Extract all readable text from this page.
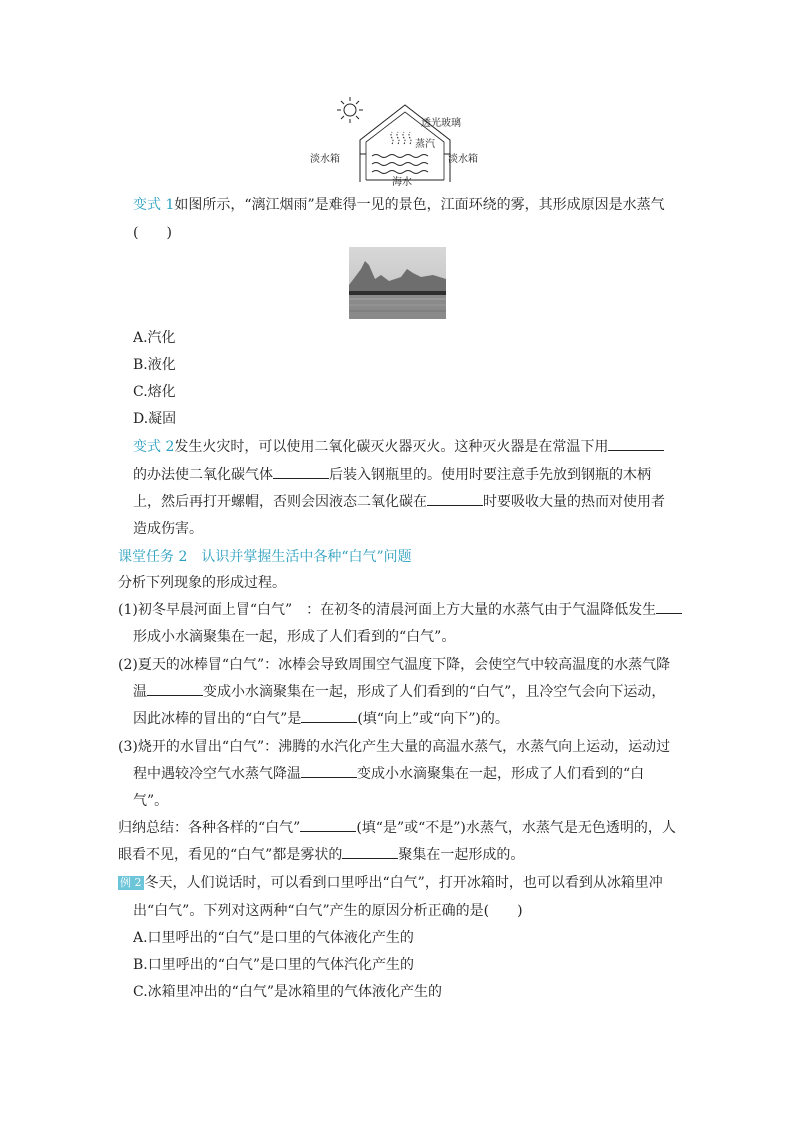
透光玻璃
淡水箱	淡水箱
蒸汽
海水
变式 1如图所示，“漓江烟雨”是难得一见的景色，江面环绕的雾，其形成原因是水蒸气
(　　)
A.汽化
B.液化
C.熔化
D.凝固
变式 2发生火灾时，可以使用二氧化碳灭火器灭火。这种灭火器是在常温下用
的办法使二氧化碳气体	后装入钢瓶里的。使用时要注意手先放到钢瓶的木柄
上，然后再打开螺帽，否则会因液态二氧化碳在	时要吸收大量的热而对使用者
造成伤害。
课堂任务 2　认识并掌握生活中各种“白气”问题
分析下列现象的形成过程。
(1)初冬早晨河面上冒“白气”　：在初冬的清晨河面上方大量的水蒸气由于气温降低发生
形成小水滴聚集在一起，形成了人们看到的“白气”。
(2)夏天的冰棒冒“白气”：冰棒会导致周围空气温度下降，会使空气中较高温度的水蒸气降
温	变成小水滴聚集在一起，形成了人们看到的“白气”，且冷空气会向下运动，
因此冰棒的冒出的“白气”是	(填“向上”或“向下”)的。
(3)烧开的水冒出“白气”：沸腾的水汽化产生大量的高温水蒸气，水蒸气向上运动，运动过
程中遇较冷空气水蒸气降温	变成小水滴聚集在一起，形成了人们看到的“白
气”。
归纳总结：各种各样的“白气”	(填“是”或“不是”)水蒸气，水蒸气是无色透明的，人
眼看不见，看见的“白气”都是雾状的	聚集在一起形成的。
例 2 冬天，人们说话时，可以看到口里呼出“白气”，打开冰箱时，也可以看到从冰箱里冲
出“白气”。下列对这两种“白气”产生的原因分析正确的是(　　)
A.口里呼出的“白气”是口里的气体液化产生的
B.口里呼出的“白气”是口里的气体汽化产生的
C.冰箱里冲出的“白气”是冰箱里的气体液化产生的
